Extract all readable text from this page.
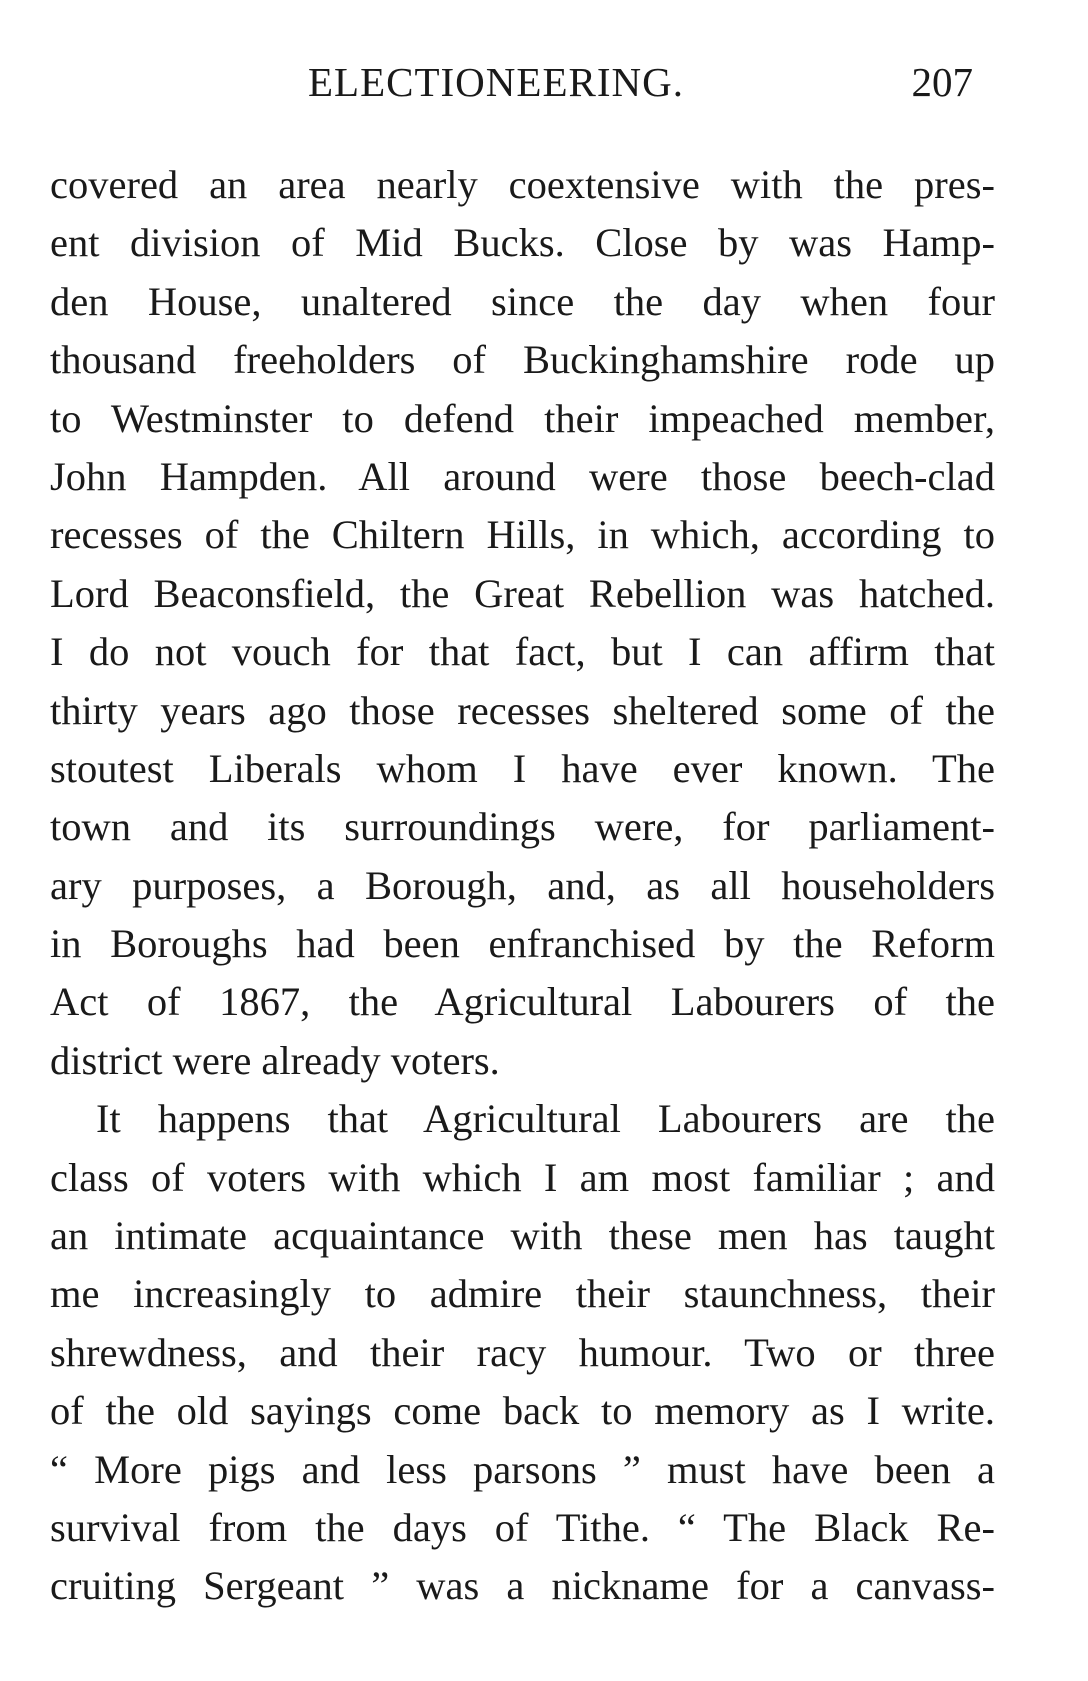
ELECTIONEERING.	207
covered an area nearly coextensive with the pres-
ent division of Mid Bucks. Close by was Hamp-
den House, unaltered since the day when four
thousand freeholders of Buckinghamshire rode up
to Westminster to defend their impeached member,
John Hampden. All around were those beech-clad
recesses of the Chiltern Hills, in which, according to
Lord Beaconsfield, the Great Rebellion was hatched.
I do not vouch for that fact, but I can affirm that
thirty years ago those recesses sheltered some of the
stoutest Liberals whom I have ever known. The
town and its surroundings were, for parliament-
ary purposes, a Borough, and, as all householders
in Boroughs had been enfranchised by the Reform
Act of 1867, the Agricultural Labourers of the
district were already voters.
It happens that Agricultural Labourers are the
class of voters with which I am most familiar ; and
an intimate acquaintance with these men has taught
me increasingly to admire their staunchness, their
shrewdness, and their racy humour. Two or three
of the old sayings come back to memory as I write.
“ More pigs and less parsons ” must have been a
survival from the days of Tithe. “ The Black Re-
cruiting Sergeant ” was a nickname for a canvass-
